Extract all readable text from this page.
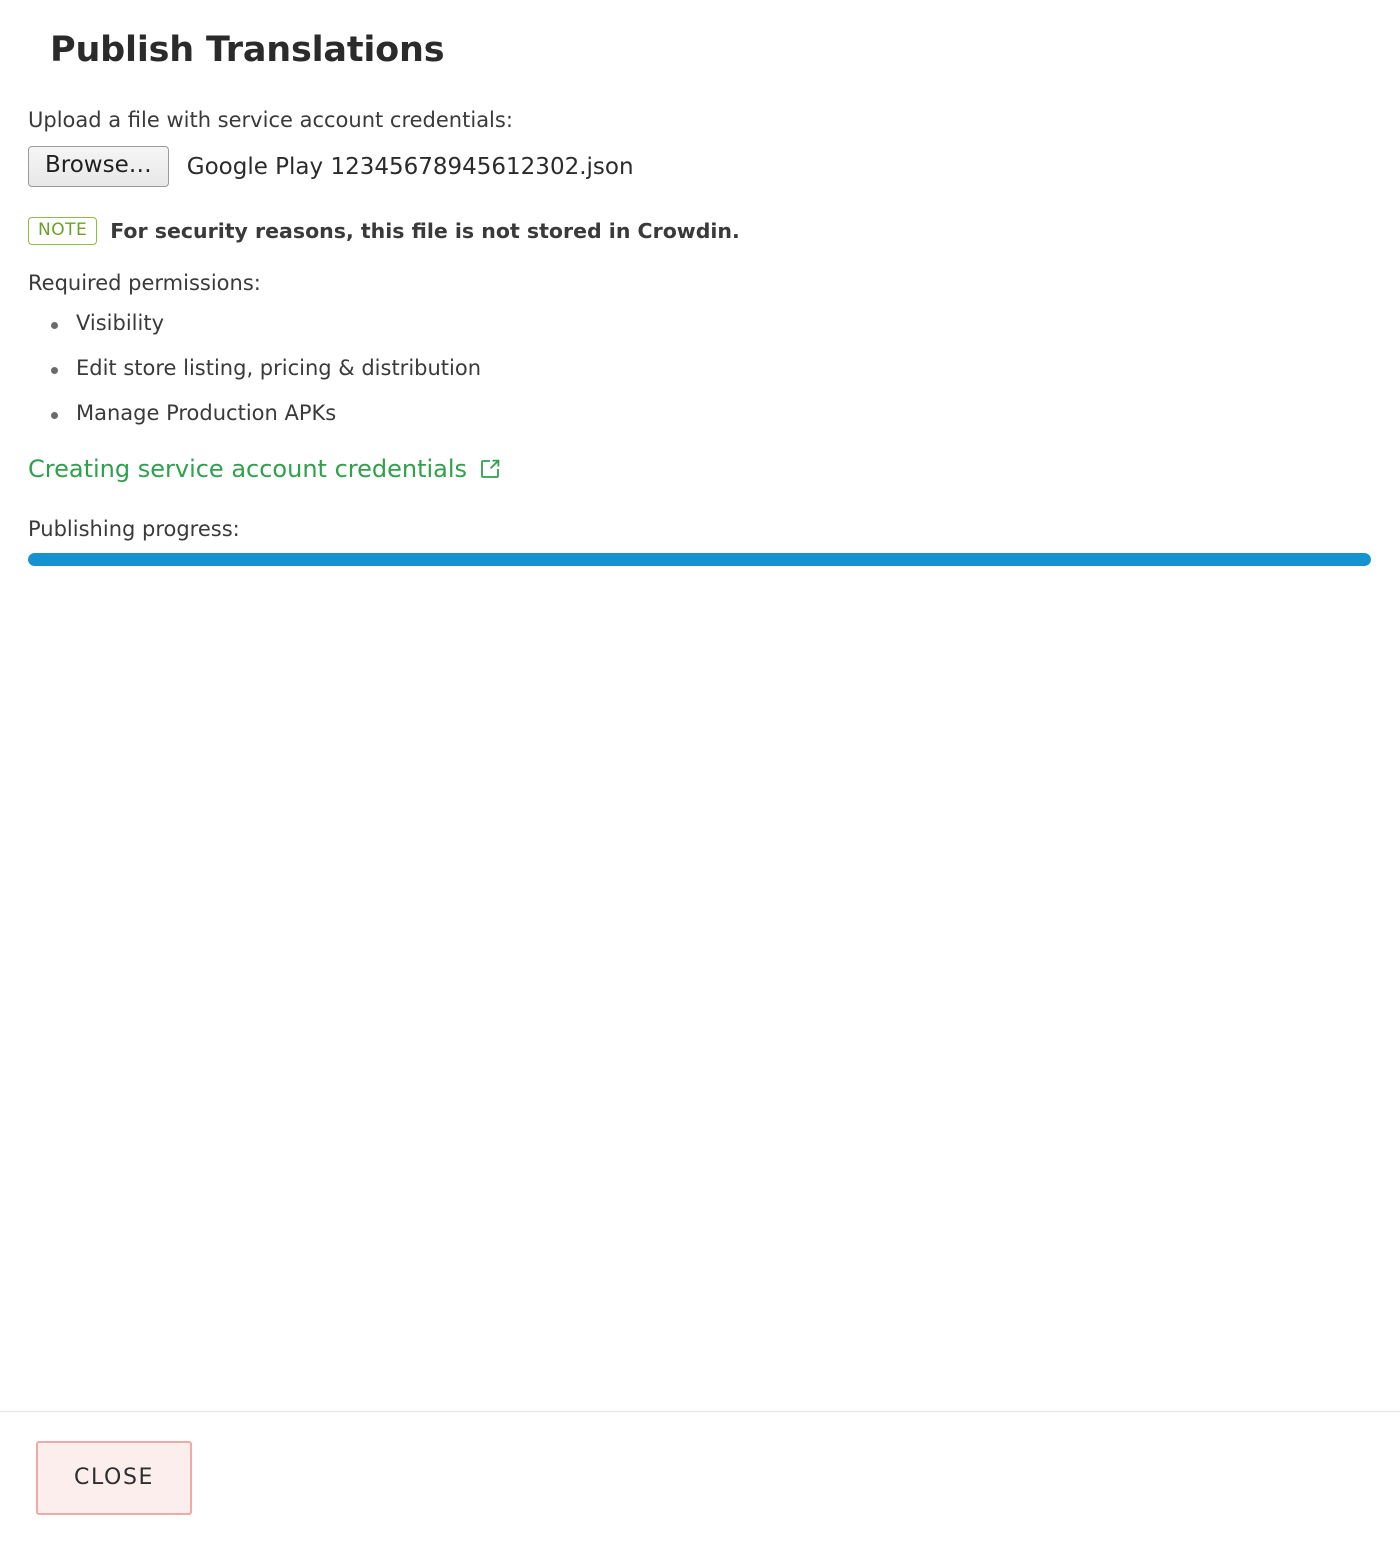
Publish Translations

Upload a file with service account credentials:

Browse…	Google Play 12345678945612302.json
NOTE	For security reasons, this file is not stored in Crowdin.

Required permissions:

Visibility
Edit store listing, pricing & distribution
Manage Production APKs
Creating service account credentials

Publishing progress:

CLOSE
